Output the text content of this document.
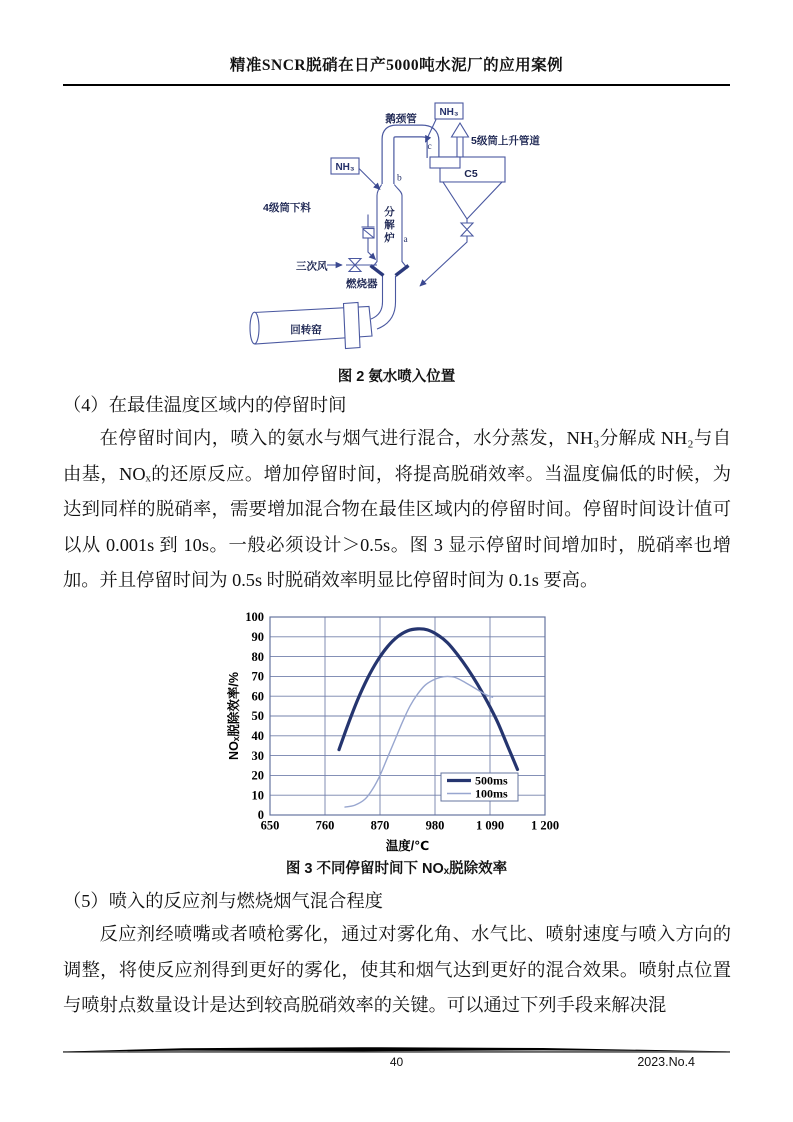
精准SNCR脱硝在日产5000吨水泥厂的应用案例
回转窑
C5
5级筒上升管道
NH₃
c
NH₃
b
a
4级筒下料
三次风
鹅颈管
燃烧器
分
解
炉
图 2 氨水喷入位置
（4）在最佳温度区域内的停留时间

在停留时间内，喷入的氨水与烟气进行混合，水分蒸发，NH₃分解成 NH₂与自由基，NOₓ的还原反应。增加停留时间，将提高脱硝效率。当温度偏低的时候，为达到同样的脱硝率，需要增加混合物在最佳区域内的停留时间。停留时间设计值可以从 0.001s 到 10s。一般必须设计＞0.5s。图 3 显示停留时间增加时，脱硝率也增加。并且停留时间为 0.5s 时脱硝效率明显比停留时间为 0.1s 要高。

0
10
20
30
40
50
60
70
80
90
100
650	760	870	980	1 090 1 200
温度/℃
NOₓ脱除效率/%
500ms
100ms
图 3 不同停留时间下 NOₓ脱除效率
（5）喷入的反应剂与燃烧烟气混合程度

反应剂经喷嘴或者喷枪雾化，通过对雾化角、水气比、喷射速度与喷入方向的调整，将使反应剂得到更好的雾化，使其和烟气达到更好的混合效果。喷射点位置与喷射点数量设计是达到较高脱硝效率的关键。可以通过下列手段来解决混

40	2023.No.4
